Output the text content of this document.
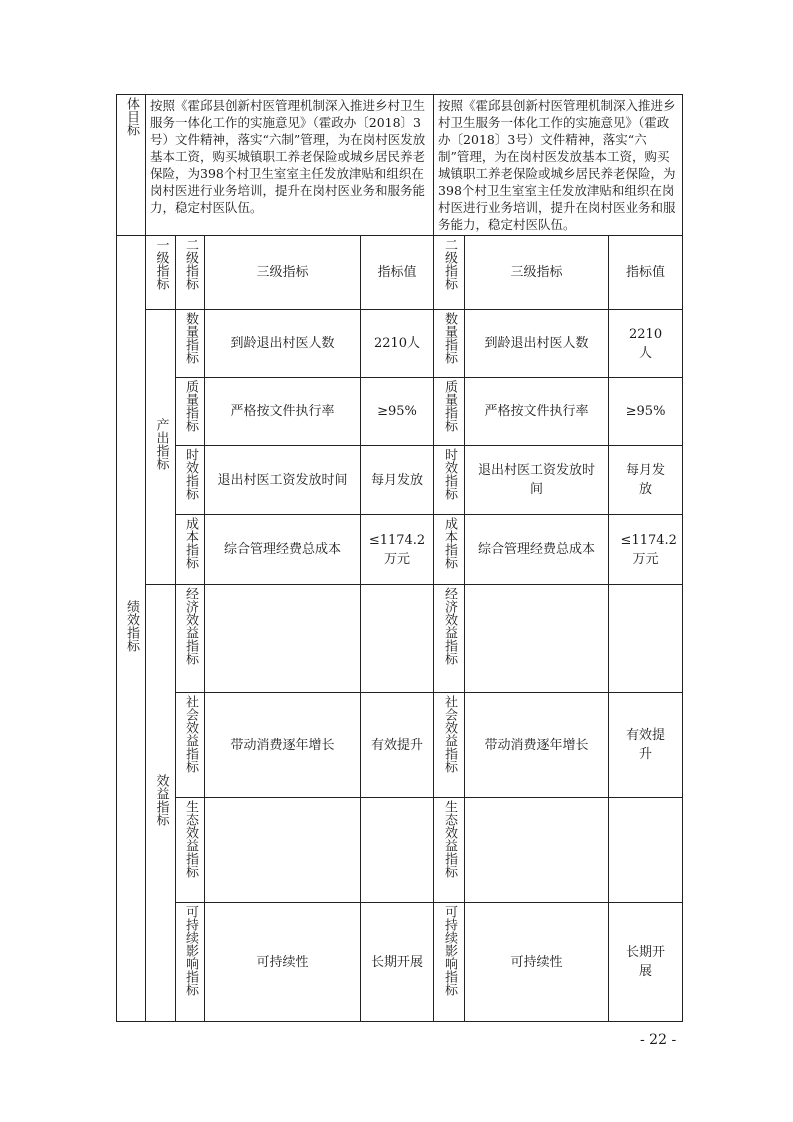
体目标	按照《霍邱县创新村医管理机制深入推进乡村卫生服务一体化工作的实施意见》（霍政办〔2018〕3号）文件精神，落实“六制”管理，为在岗村医发放基本工资，购买城镇职工养老保险或城乡居民养老保险，为398个村卫生室室主任发放津贴和组织在岗村医进行业务培训，提升在岗村医业务和服务能力，稳定村医队伍。				按照《霍邱县创新村医管理机制深入推进乡村卫生服务一体化工作的实施意见》（霍政办〔2018〕3号）文件精神，落实“六制”管理，为在岗村医发放基本工资，购买城镇职工养老保险或城乡居民养老保险，为398个村卫生室室主任发放津贴和组织在岗村医进行业务培训，提升在岗村医业务和服务能力，稳定村医队伍。		
绩效指标	一级指标	二级指标	三级指标	指标值	二级指标	三级指标	指标值
	产出指标	数量指标	到龄退出村医人数	2210人	数量指标	到龄退出村医人数	2210人

		质量指标	严格按文件执行率	≥95%	质量指标	严格按文件执行率	≥95%
		时效指标	退出村医工资发放时间	每月发放	时效指标	退出村医工资发放时间	每月发放

		成本指标	综合管理经费总成本	≤1174.2万元	成本指标	综合管理经费总成本	≤1174.2万元

	效益指标	经济效益指标			经济效益指标		
		社会效益指标	带动消费逐年增长	有效提升	社会效益指标	带动消费逐年增长	有效提升

		生态效益指标			生态效益指标		
		可持续影响指标	可持续性	长期开展	可持续影响指标	可持续性	长期开展
- 22 -
